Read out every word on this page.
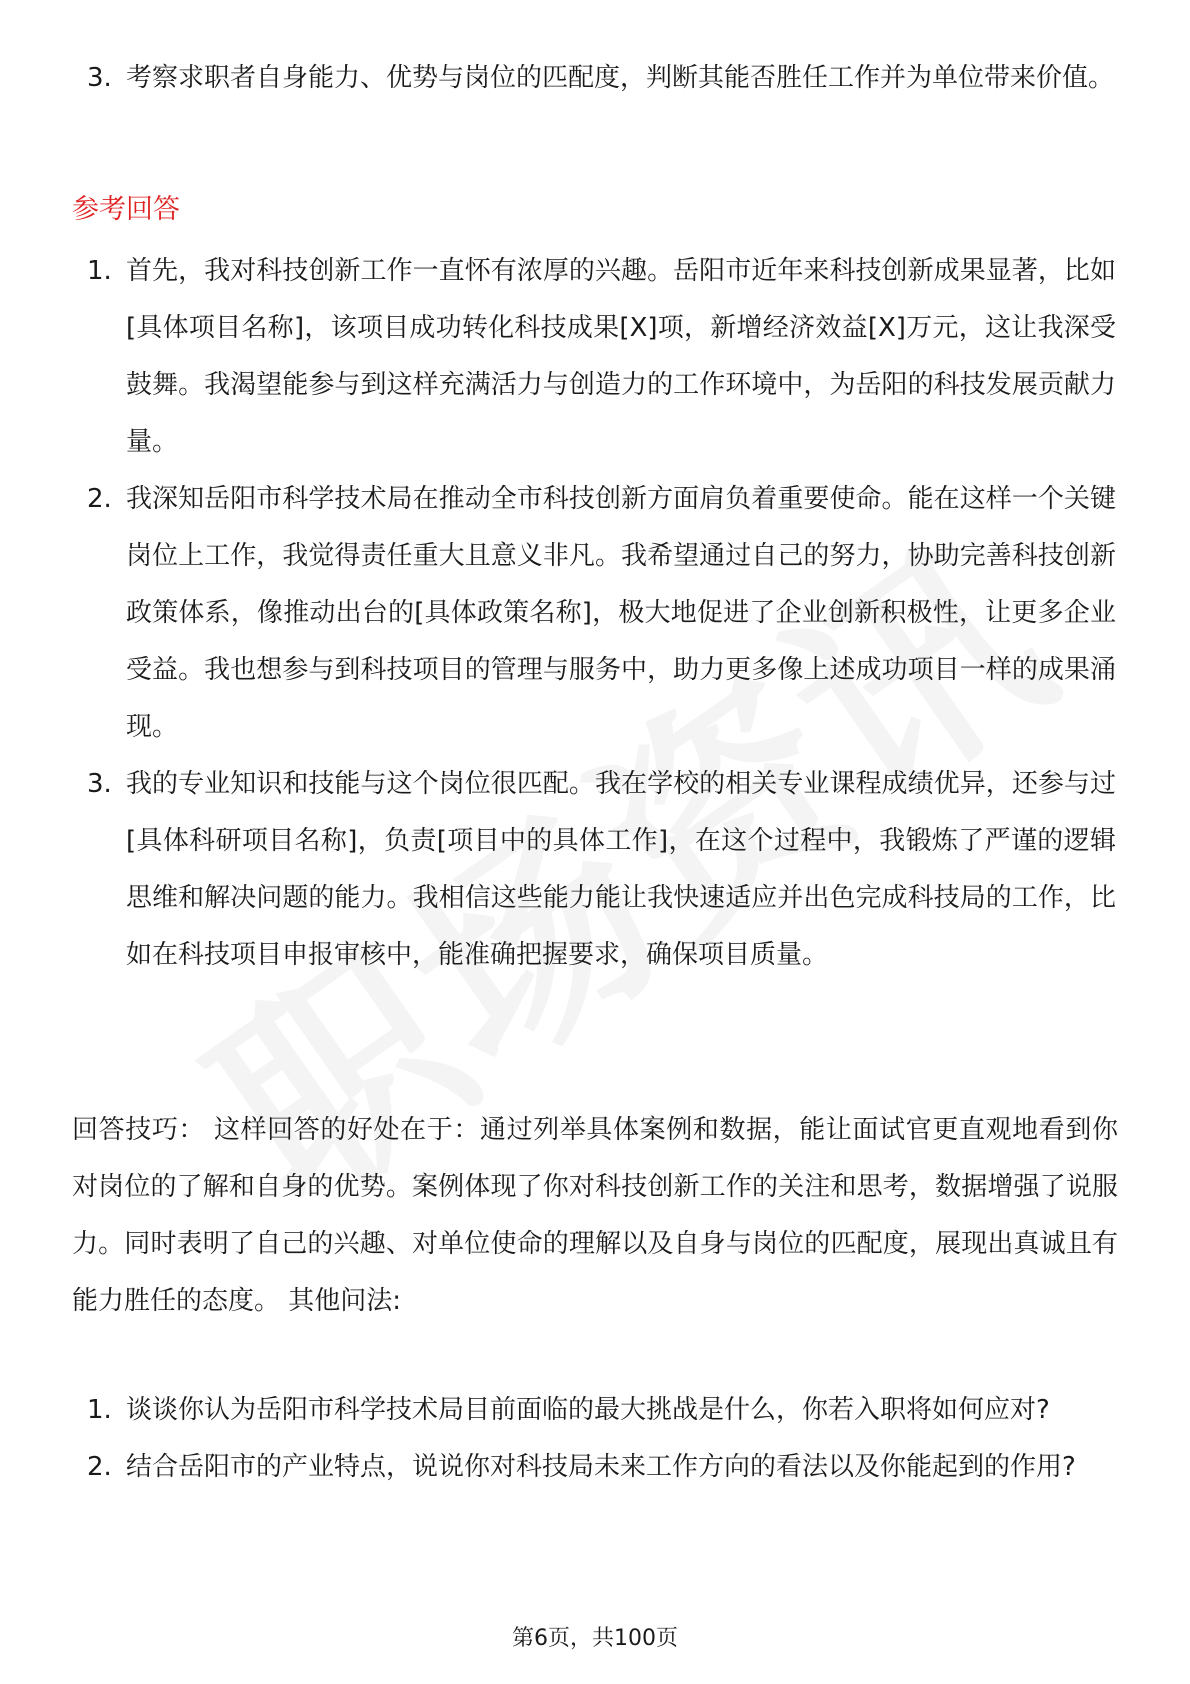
3. 考察求职者自身能力、优势与岗位的匹配度，判断其能否胜任工作并为单位带来价值。
参考回答
1. 首先，我对科技创新工作一直怀有浓厚的兴趣。岳阳市近年来科技创新成果显著，比如[具体项目名称]，该项目成功转化科技成果[X]项，新增经济效益[X]万元，这让我深受鼓舞。我渴望能参与到这样充满活力与创造力的工作环境中，为岳阳的科技发展贡献力量。
2. 我深知岳阳市科学技术局在推动全市科技创新方面肩负着重要使命。能在这样一个关键岗位上工作，我觉得责任重大且意义非凡。我希望通过自己的努力，协助完善科技创新政策体系，像推动出台的[具体政策名称]，极大地促进了企业创新积极性，让更多企业受益。我也想参与到科技项目的管理与服务中，助力更多像上述成功项目一样的成果涌现。
3. 我的专业知识和技能与这个岗位很匹配。我在学校的相关专业课程成绩优异，还参与过[具体科研项目名称]，负责[项目中的具体工作]，在这个过程中，我锻炼了严谨的逻辑思维和解决问题的能力。我相信这些能力能让我快速适应并出色完成科技局的工作，比如在科技项目申报审核中，能准确把握要求，确保项目质量。

回答技巧： 这样回答的好处在于：通过列举具体案例和数据，能让面试官更直观地看到你对岗位的了解和自身的优势。案例体现了你对科技创新工作的关注和思考，数据增强了说服力。同时表明了自己的兴趣、对单位使命的理解以及自身与岗位的匹配度，展现出真诚且有能力胜任的态度。 其他问法:

1. 谈谈你认为岳阳市科学技术局目前面临的最大挑战是什么，你若入职将如何应对?
2. 结合岳阳市的产业特点，说说你对科技局未来工作方向的看法以及你能起到的作用?
第6页，共100页
